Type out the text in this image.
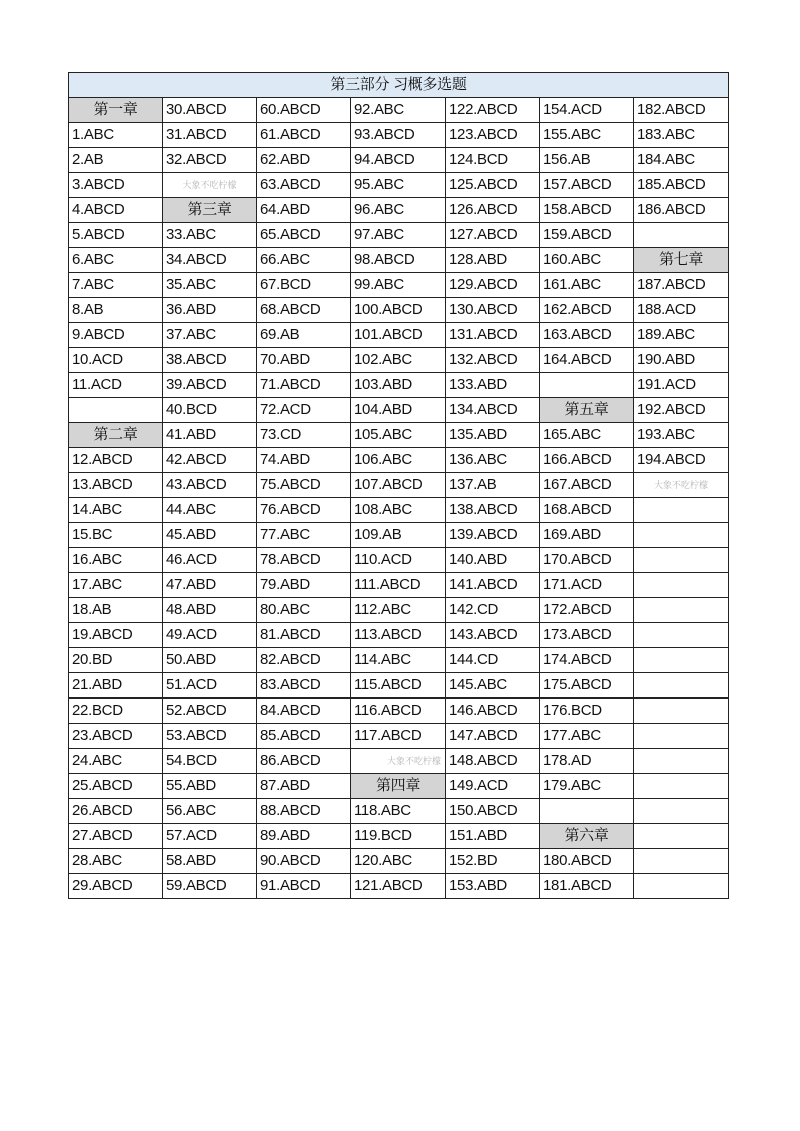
第三部分 习概多选题						
第一章	30.ABCD	60.ABCD	92.ABC	122.ABCD	154.ACD	182.ABCD
1.ABC	31.ABCD	61.ABCD	93.ABCD	123.ABCD	155.ABC	183.ABC
2.AB	32.ABCD	62.ABD	94.ABCD	124.BCD	156.AB	184.ABC
3.ABCD	大象不吃柠檬	63.ABCD	95.ABC	125.ABCD	157.ABCD	185.ABCD
4.ABCD	第三章	64.ABD	96.ABC	126.ABCD	158.ABCD	186.ABCD
5.ABCD	33.ABC	65.ABCD	97.ABC	127.ABCD	159.ABCD	
6.ABC	34.ABCD	66.ABC	98.ABCD	128.ABD	160.ABC	第七章
7.ABC	35.ABC	67.BCD	99.ABC	129.ABCD	161.ABC	187.ABCD
8.AB	36.ABD	68.ABCD	100.ABCD	130.ABCD	162.ABCD	188.ACD
9.ABCD	37.ABC	69.AB	101.ABCD	131.ABCD	163.ABCD	189.ABC
10.ACD	38.ABCD	70.ABD	102.ABC	132.ABCD	164.ABCD	190.ABD
11.ACD	39.ABCD	71.ABCD	103.ABD	133.ABD		191.ACD
	40.BCD	72.ACD	104.ABD	134.ABCD	第五章	192.ABCD
第二章	41.ABD	73.CD	105.ABC	135.ABD	165.ABC	193.ABC
12.ABCD	42.ABCD	74.ABD	106.ABC	136.ABC	166.ABCD	194.ABCD
13.ABCD	43.ABCD	75.ABCD	107.ABCD	137.AB	167.ABCD	大象不吃柠檬
14.ABC	44.ABC	76.ABCD	108.ABC	138.ABCD	168.ABCD	
15.BC	45.ABD	77.ABC	109.AB	139.ABCD	169.ABD	
16.ABC	46.ACD	78.ABCD	110.ACD	140.ABD	170.ABCD	
17.ABC	47.ABD	79.ABD	111.ABCD	141.ABCD	171.ACD	
18.AB	48.ABD	80.ABC	112.ABC	142.CD	172.ABCD	
19.ABCD	49.ACD	81.ABCD	113.ABCD	143.ABCD	173.ABCD	
20.BD	50.ABD	82.ABCD	114.ABC	144.CD	174.ABCD	
21.ABD	51.ACD	83.ABCD	115.ABCD	145.ABC	175.ABCD	
22.BCD	52.ABCD	84.ABCD	116.ABCD	146.ABCD	176.BCD	
23.ABCD	53.ABCD	85.ABCD	117.ABCD	147.ABCD	177.ABC	
24.ABC	54.BCD	86.ABCD	大象不吃柠檬	148.ABCD	178.AD	
25.ABCD	55.ABD	87.ABD	第四章	149.ACD	179.ABC	
26.ABCD	56.ABC	88.ABCD	118.ABC	150.ABCD		
27.ABCD	57.ACD	89.ABD	119.BCD	151.ABD	第六章	
28.ABC	58.ABD	90.ABCD	120.ABC	152.BD	180.ABCD	
29.ABCD	59.ABCD	91.ABCD	121.ABCD	153.ABD	181.ABCD	
